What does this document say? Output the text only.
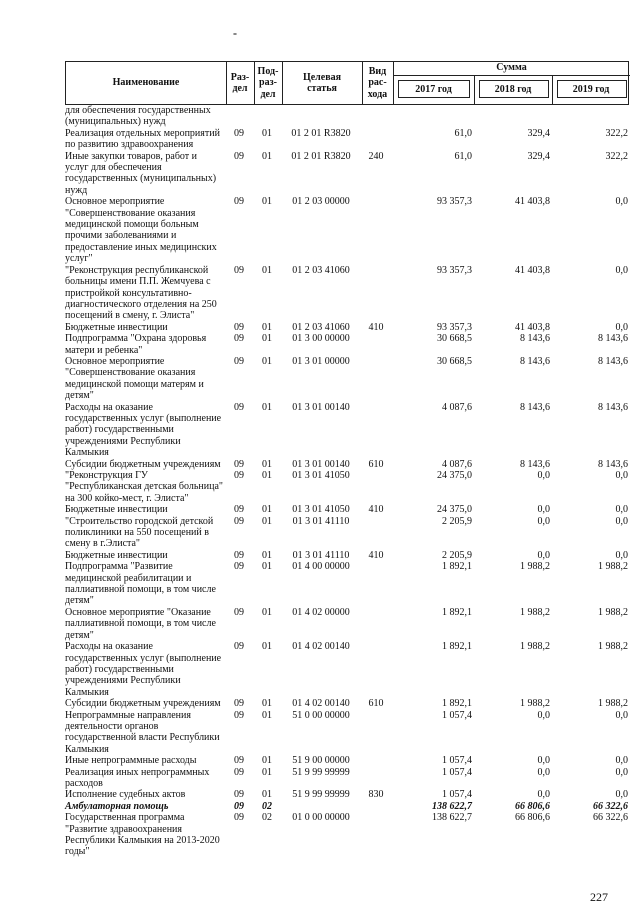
-
Наименование
Раз-
дел
Под-
раз-
дел
Целевая
статья
Вид
рас-
хода
Сумма
2017 год	2018 год	2019 год
для обеспечения государственных (муниципальных) нужд
Реализация отдельных мероприятий по развитию здравоохранения
09	01	01 2 01 R3820	61,0	329,4	322,2
Иные закупки товаров, работ и услуг для обеспечения государственных (муниципальных) нужд
09	01	01 2 01 R3820	240	61,0	329,4	322,2
Основное мероприятие "Совершенствование оказания медицинской помощи больным прочими заболеваниями и предоставление иных медицинских услуг"
09	01	01 2 03 00000	93 357,3	41 403,8	0,0
"Реконструкция республиканской больницы имени П.П. Жемчуева с пристройкой консультативно-диагностического отделения на 250 посещений в смену, г. Элиста"
09	01	01 2 03 41060	93 357,3	41 403,8	0,0
Бюджетные инвестиции	09	01	01 2 03 41060	410	93 357,3	41 403,8	0,0
Подпрограмма "Охрана здоровья матери и ребенка"
09	01	01 3 00 00000	30 668,5	8 143,6	8 143,6
Основное мероприятие "Совершенствование оказания медицинской помощи матерям и детям"
09	01	01 3 01 00000	30 668,5	8 143,6	8 143,6
Расходы на оказание государственных услуг (выполнение работ) государственными учреждениями Республики Калмыкия
09	01	01 3 01 00140	4 087,6	8 143,6	8 143,6
Субсидии бюджетным учреждениям	09	01	01 3 01 00140	610	4 087,6	8 143,6	8 143,6
"Реконструкция ГУ "Республиканская детская больница" на 300 койко-мест, г. Элиста"
09	01	01 3 01 41050	24 375,0	0,0	0,0
Бюджетные инвестиции	09	01	01 3 01 41050	410	24 375,0	0,0	0,0
"Строительство городской детской поликлиники на 550 посещений в смену в г.Элиста"
09	01	01 3 01 41110	2 205,9	0,0	0,0
Бюджетные инвестиции	09	01	01 3 01 41110	410	2 205,9	0,0	0,0
Подпрограмма "Развитие медицинской реабилитации и паллиативной помощи, в том числе детям"
09	01	01 4 00 00000	1 892,1	1 988,2	1 988,2
Основное мероприятие "Оказание паллиативной помощи, в том числе детям"
09	01	01 4 02 00000	1 892,1	1 988,2	1 988,2
Расходы на оказание государственных услуг (выполнение работ) государственными учреждениями Республики Калмыкия
09	01	01 4 02 00140	1 892,1	1 988,2	1 988,2
Субсидии бюджетным учреждениям	09	01	01 4 02 00140	610	1 892,1	1 988,2	1 988,2
Непрограммные направления деятельности органов государственной власти Республики Калмыкия
09	01	51 0 00 00000	1 057,4	0,0	0,0
Иные непрограммные расходы	09	01	51 9 00 00000	1 057,4	0,0	0,0
Реализация иных непрограммных расходов
09	01	51 9 99 99999	1 057,4	0,0	0,0
Исполнение судебных актов	09	01	51 9 99 99999	830	1 057,4	0,0	0,0
Амбулаторная помощь	09	02	138 622,7	66 806,6	66 322,6
Государственная программа "Развитие здравоохранения Республики Калмыкия на 2013-2020 годы"
09	02	01 0 00 00000	138 622,7	66 806,6	66 322,6
227
